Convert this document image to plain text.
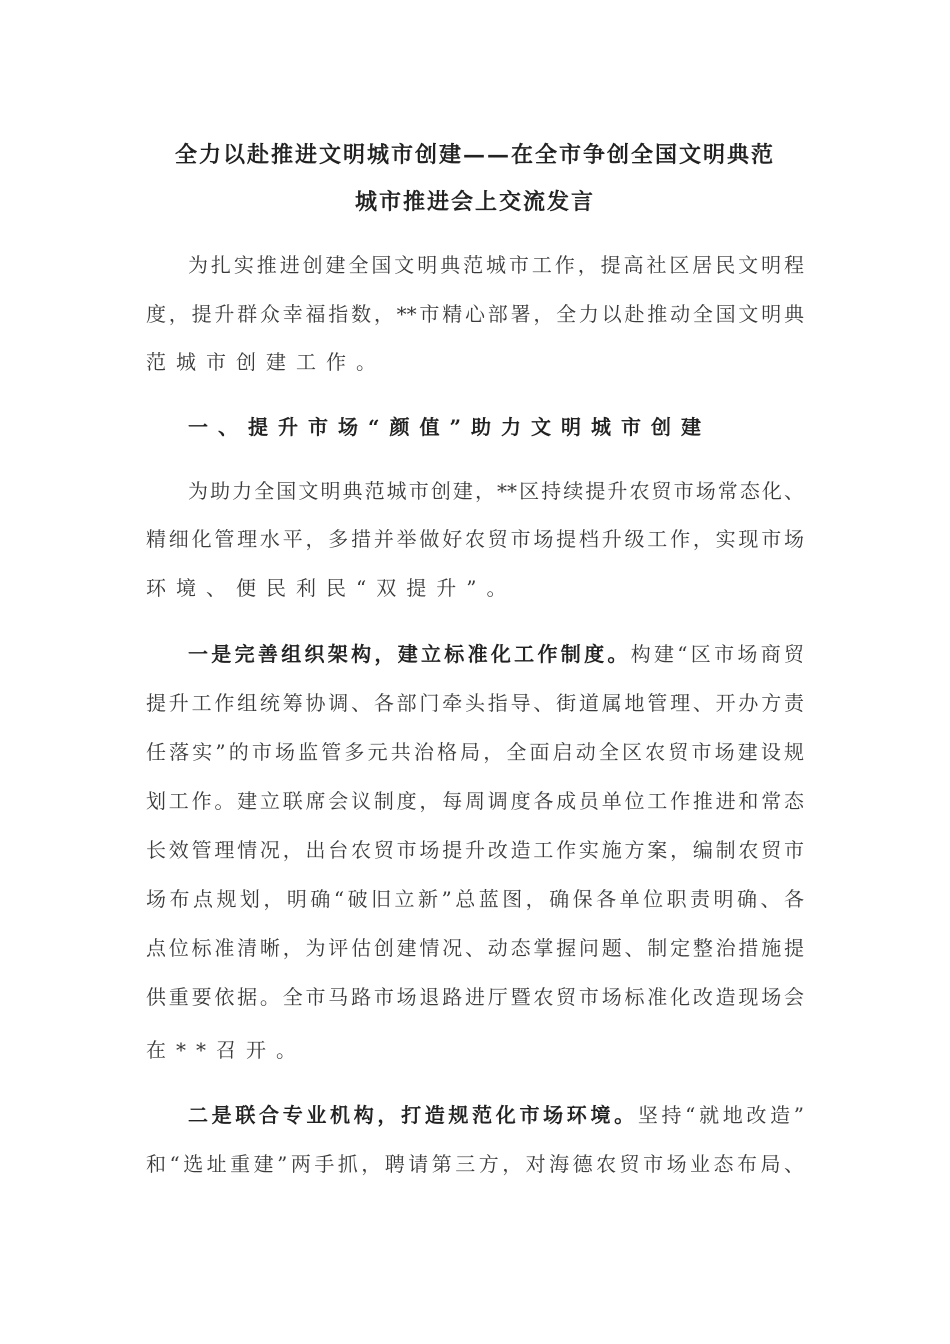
全力以赴推进文明城市创建——在全市争创全国文明典范
城市推进会上交流发言
为扎实推进创建全国文明典范城市工作，提高社区居民文明程
度，提升群众幸福指数，**市精心部署，全力以赴推动全国文明典
范城市创建工作。
一、提升市场“颜值”助力文明城市创建
为助力全国文明典范城市创建，**区持续提升农贸市场常态化、
精细化管理水平，多措并举做好农贸市场提档升级工作，实现市场
环境、便民利民“双提升”。
一是完善组织架构，建立标准化工作制度。构建“区市场商贸
提升工作组统筹协调、各部门牵头指导、街道属地管理、开办方责
任落实”的市场监管多元共治格局，全面启动全区农贸市场建设规
划工作。建立联席会议制度，每周调度各成员单位工作推进和常态
长效管理情况，出台农贸市场提升改造工作实施方案，编制农贸市
场布点规划，明确“破旧立新”总蓝图，确保各单位职责明确、各
点位标准清晰，为评估创建情况、动态掌握问题、制定整治措施提
供重要依据。全市马路市场退路进厅暨农贸市场标准化改造现场会
在**召开。
二是联合专业机构，打造规范化市场环境。坚持“就地改造”
和“选址重建”两手抓，聘请第三方，对海德农贸市场业态布局、
